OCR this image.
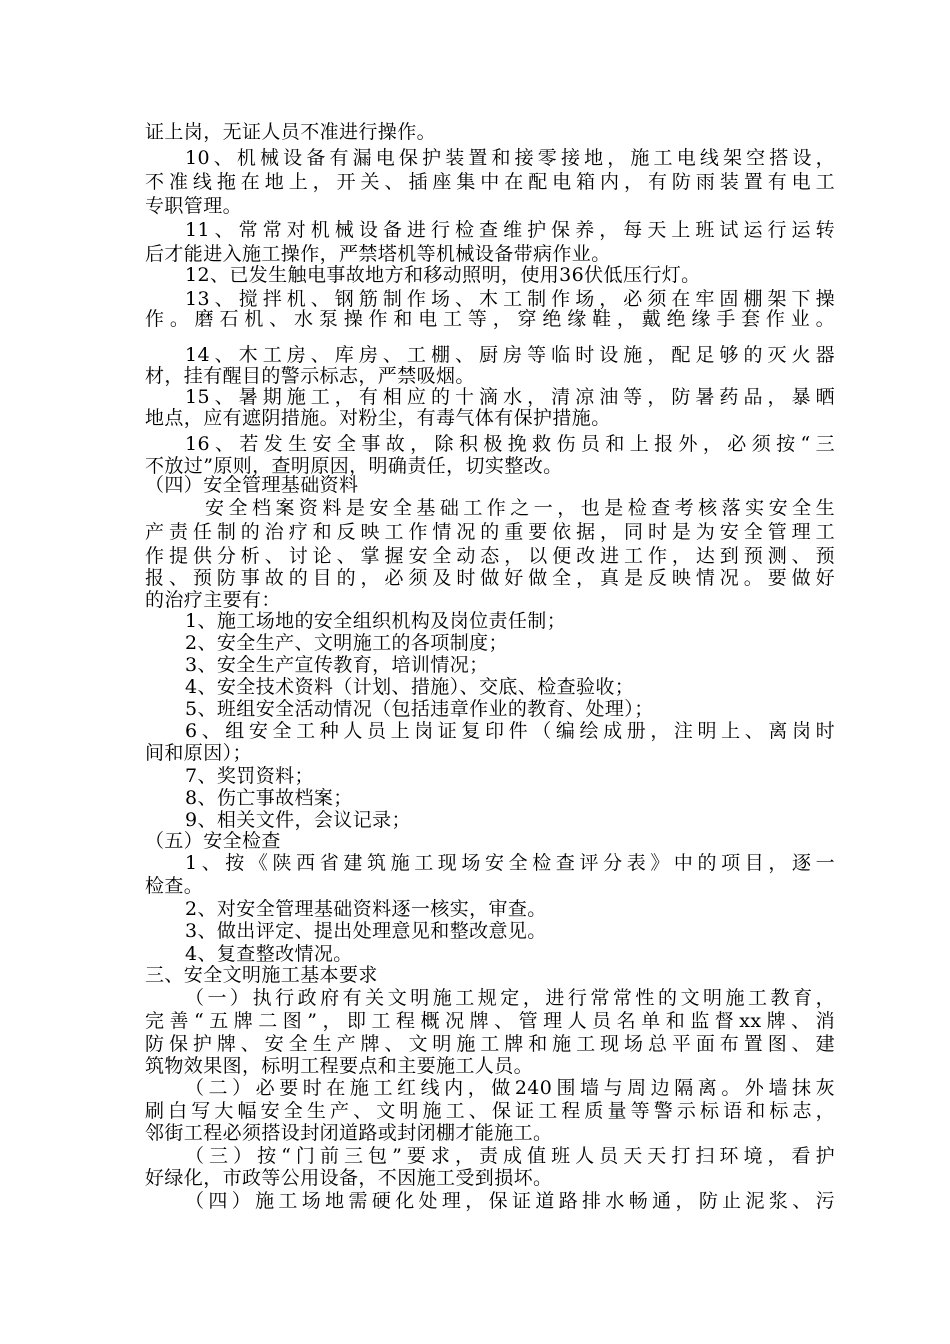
证上岗，无证人员不准进行操作。
10、机械设备有漏电保护装置和接零接地，施工电线架空搭设，
不准线拖在地上，开关、插座集中在配电箱内，有防雨装置有电工
专职管理。
11、常常对机械设备进行检查维护保养，每天上班试运行运转
后才能进入施工操作，严禁塔机等机械设备带病作业。
12、已发生触电事故地方和移动照明，使用36伏低压行灯。
13、搅拌机、钢筋制作场、木工制作场，必须在牢固棚架下操
作。磨石机、水泵操作和电工等，穿绝缘鞋，戴绝缘手套作业。
14、木工房、库房、工棚、厨房等临时设施，配足够的灭火器
材，挂有醒目的警示标志，严禁吸烟。
15、暑期施工，有相应的十滴水，清凉油等，防暑药品，暴晒
地点，应有遮阴措施。对粉尘，有毒气体有保护措施。
16、若发生安全事故，除积极挽救伤员和上报外，必须按“三
不放过”原则，查明原因，明确责任，切实整改。
（四）安全管理基础资料
安全档案资料是安全基础工作之一，也是检查考核落实安全生
产责任制的治疗和反映工作情况的重要依据，同时是为安全管理工
作提供分析、讨论、掌握安全动态，以便改进工作，达到预测、预
报、预防事故的目的，必须及时做好做全，真是反映情况。要做好
的治疗主要有：
1、施工场地的安全组织机构及岗位责任制；
2、安全生产、文明施工的各项制度；
3、安全生产宣传教育，培训情况；
4、安全技术资料（计划、措施）、交底、检查验收；
5、班组安全活动情况（包括违章作业的教育、处理）；
6、组安全工种人员上岗证复印件（编绘成册，注明上、离岗时
间和原因）；
7、奖罚资料；
8、伤亡事故档案；
9、相关文件，会议记录；
（五）安全检查
1、按《陕西省建筑施工现场安全检查评分表》中的项目，逐一
检查。
2、对安全管理基础资料逐一核实，审查。
3、做出评定、提出处理意见和整改意见。
4、复查整改情况。
三、安全文明施工基本要求
（一）执行政府有关文明施工规定，进行常常性的文明施工教育，
完善“五牌二图”，即工程概况牌、管理人员名单和监督xx牌、消
防保护牌、安全生产牌、文明施工牌和施工现场总平面布置图、建
筑物效果图，标明工程要点和主要施工人员。
（二）必要时在施工红线内，做240围墙与周边隔离。外墙抹灰
刷白写大幅安全生产、文明施工、保证工程质量等警示标语和标志，
邻街工程必须搭设封闭道路或封闭棚才能施工。
（三）按“门前三包”要求，责成值班人员天天打扫环境，看护
好绿化，市政等公用设备，不因施工受到损坏。
（四）施工场地需硬化处理，保证道路排水畅通，防止泥浆、污
